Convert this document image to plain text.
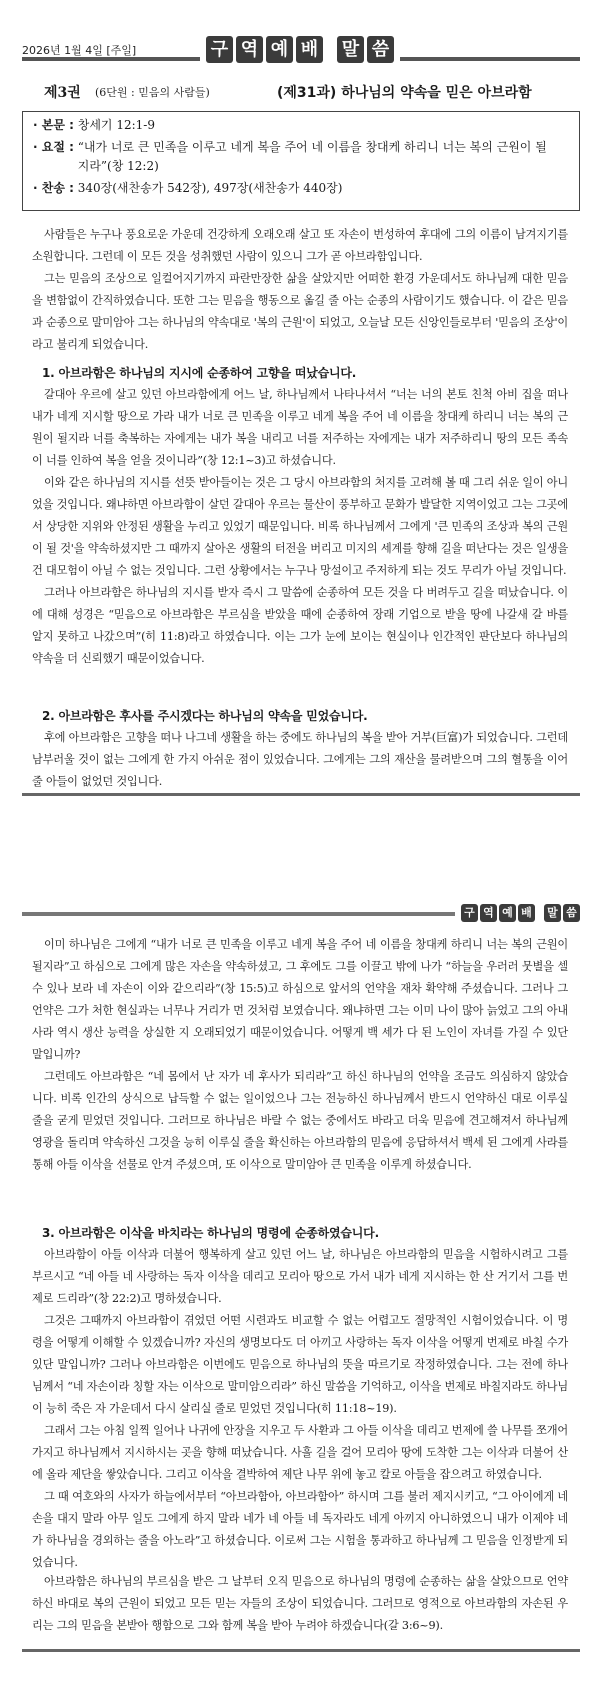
2026년 1월 4일 [주일]	구 역 예 배 말 씀
제3권 (6단원 : 믿음의 사람들)	(제31과) 하나님의 약속을 믿은 아브라함
· 본문 : 창세기 12:1-9
· 요절 : “내가 너로 큰 민족을 이루고 네게 복을 주어 네 이름을 창대케 하리니 너는 복의 근원이 될지라”(창 12:2)
· 찬송 : 340장(새찬송가 542장), 497장(새찬송가 440장)

사람들은 누구나 풍요로운 가운데 건강하게 오래오래 살고 또 자손이 번성하여 후대에 그의 이름이 남겨지기를 소원합니다. 그런데 이 모든 것을 성취했던 사람이 있으니 그가 곧 아브라함입니다.

그는 믿음의 조상으로 일컬어지기까지 파란만장한 삶을 살았지만 어떠한 환경 가운데서도 하나님께 대한 믿음을 변함없이 간직하였습니다. 또한 그는 믿음을 행동으로 옮길 줄 아는 순종의 사람이기도 했습니다. 이 같은 믿음과 순종으로 말미암아 그는 하나님의 약속대로 '복의 근원'이 되었고, 오늘날 모든 신앙인들로부터 '믿음의 조상'이라고 불리게 되었습니다.

1. 아브라함은 하나님의 지시에 순종하여 고향을 떠났습니다.

갈대아 우르에 살고 있던 아브라함에게 어느 날, 하나님께서 나타나셔서 “너는 너의 본토 친척 아비 집을 떠나 내가 네게 지시할 땅으로 가라 내가 너로 큰 민족을 이루고 네게 복을 주어 네 이름을 창대케 하리니 너는 복의 근원이 될지라 너를 축복하는 자에게는 내가 복을 내리고 너를 저주하는 자에게는 내가 저주하리니 땅의 모든 족속이 너를 인하여 복을 얻을 것이니라”(창 12:1~3)고 하셨습니다.

이와 같은 하나님의 지시를 선뜻 받아들이는 것은 그 당시 아브라함의 처지를 고려해 볼 때 그리 쉬운 일이 아니었을 것입니다. 왜냐하면 아브라함이 살던 갈대아 우르는 물산이 풍부하고 문화가 발달한 지역이었고 그는 그곳에서 상당한 지위와 안정된 생활을 누리고 있었기 때문입니다. 비록 하나님께서 그에게 '큰 민족의 조상과 복의 근원이 될 것'을 약속하셨지만 그 때까지 살아온 생활의 터전을 버리고 미지의 세계를 향해 길을 떠난다는 것은 일생을 건 대모험이 아닐 수 없는 것입니다. 그런 상황에서는 누구나 망설이고 주저하게 되는 것도 무리가 아닐 것입니다.

그러나 아브라함은 하나님의 지시를 받자 즉시 그 말씀에 순종하여 모든 것을 다 버려두고 길을 떠났습니다. 이에 대해 성경은 “믿음으로 아브라함은 부르심을 받았을 때에 순종하여 장래 기업으로 받을 땅에 나갈새 갈 바를 알지 못하고 나갔으며”(히 11:8)라고 하였습니다. 이는 그가 눈에 보이는 현실이나 인간적인 판단보다 하나님의 약속을 더 신뢰했기 때문이었습니다.

2. 아브라함은 후사를 주시겠다는 하나님의 약속을 믿었습니다.

후에 아브라함은 고향을 떠나 나그네 생활을 하는 중에도 하나님의 복을 받아 거부(巨富)가 되었습니다. 그런데 남부러울 것이 없는 그에게 한 가지 아쉬운 점이 있었습니다. 그에게는 그의 재산을 물려받으며 그의 혈통을 이어줄 아들이 없었던 것입니다.

구 역 예 배 말 씀

이미 하나님은 그에게 “내가 너로 큰 민족을 이루고 네게 복을 주어 네 이름을 창대케 하리니 너는 복의 근원이 될지라”고 하심으로 그에게 많은 자손을 약속하셨고, 그 후에도 그를 이끌고 밖에 나가 “하늘을 우러러 뭇별을 셀 수 있나 보라 네 자손이 이와 같으리라”(창 15:5)고 하심으로 앞서의 언약을 재차 확약해 주셨습니다. 그러나 그 언약은 그가 처한 현실과는 너무나 거리가 먼 것처럼 보였습니다. 왜냐하면 그는 이미 나이 많아 늙었고 그의 아내 사라 역시 생산 능력을 상실한 지 오래되었기 때문이었습니다. 어떻게 백 세가 다 된 노인이 자녀를 가질 수 있단 말입니까?

그런데도 아브라함은 “네 몸에서 난 자가 네 후사가 되리라”고 하신 하나님의 언약을 조금도 의심하지 않았습니다. 비록 인간의 상식으로 납득할 수 없는 일이었으나 그는 전능하신 하나님께서 반드시 언약하신 대로 이루실 줄을 굳게 믿었던 것입니다. 그러므로 하나님은 바랄 수 없는 중에서도 바라고 더욱 믿음에 견고해져서 하나님께 영광을 돌리며 약속하신 그것을 능히 이루실 줄을 확신하는 아브라함의 믿음에 응답하셔서 백세 된 그에게 사라를 통해 아들 이삭을 선물로 안겨 주셨으며, 또 이삭으로 말미암아 큰 민족을 이루게 하셨습니다.

3. 아브라함은 이삭을 바치라는 하나님의 명령에 순종하였습니다.

아브라함이 아들 이삭과 더불어 행복하게 살고 있던 어느 날, 하나님은 아브라함의 믿음을 시험하시려고 그를 부르시고 “네 아들 네 사랑하는 독자 이삭을 데리고 모리아 땅으로 가서 내가 네게 지시하는 한 산 거기서 그를 번제로 드리라”(창 22:2)고 명하셨습니다.

그것은 그때까지 아브라함이 겪었던 어떤 시련과도 비교할 수 없는 어렵고도 절망적인 시험이었습니다. 이 명령을 어떻게 이해할 수 있겠습니까? 자신의 생명보다도 더 아끼고 사랑하는 독자 이삭을 어떻게 번제로 바칠 수가 있단 말입니까? 그러나 아브라함은 이번에도 믿음으로 하나님의 뜻을 따르기로 작정하였습니다. 그는 전에 하나님께서 “네 자손이라 칭할 자는 이삭으로 말미암으리라” 하신 말씀을 기억하고, 이삭을 번제로 바칠지라도 하나님이 능히 죽은 자 가운데서 다시 살리실 줄로 믿었던 것입니다(히 11:18~19).

그래서 그는 아침 일찍 일어나 나귀에 안장을 지우고 두 사환과 그 아들 이삭을 데리고 번제에 쓸 나무를 쪼개어 가지고 하나님께서 지시하시는 곳을 향해 떠났습니다. 사흘 길을 걸어 모리아 땅에 도착한 그는 이삭과 더불어 산에 올라 제단을 쌓았습니다. 그리고 이삭을 결박하여 제단 나무 위에 놓고 칼로 아들을 잡으려고 하였습니다.

그 때 여호와의 사자가 하늘에서부터 “아브라함아, 아브라함아” 하시며 그를 불러 제지시키고, “그 아이에게 네 손을 대지 말라 아무 일도 그에게 하지 말라 네가 네 아들 네 독자라도 네게 아끼지 아니하였으니 내가 이제야 네가 하나님을 경외하는 줄을 아노라”고 하셨습니다. 이로써 그는 시험을 통과하고 하나님께 그 믿음을 인정받게 되었습니다.

아브라함은 하나님의 부르심을 받은 그 날부터 오직 믿음으로 하나님의 명령에 순종하는 삶을 살았으므로 언약하신 바대로 복의 근원이 되었고 모든 믿는 자들의 조상이 되었습니다. 그러므로 영적으로 아브라함의 자손된 우리는 그의 믿음을 본받아 행함으로 그와 함께 복을 받아 누려야 하겠습니다(갈 3:6~9).
